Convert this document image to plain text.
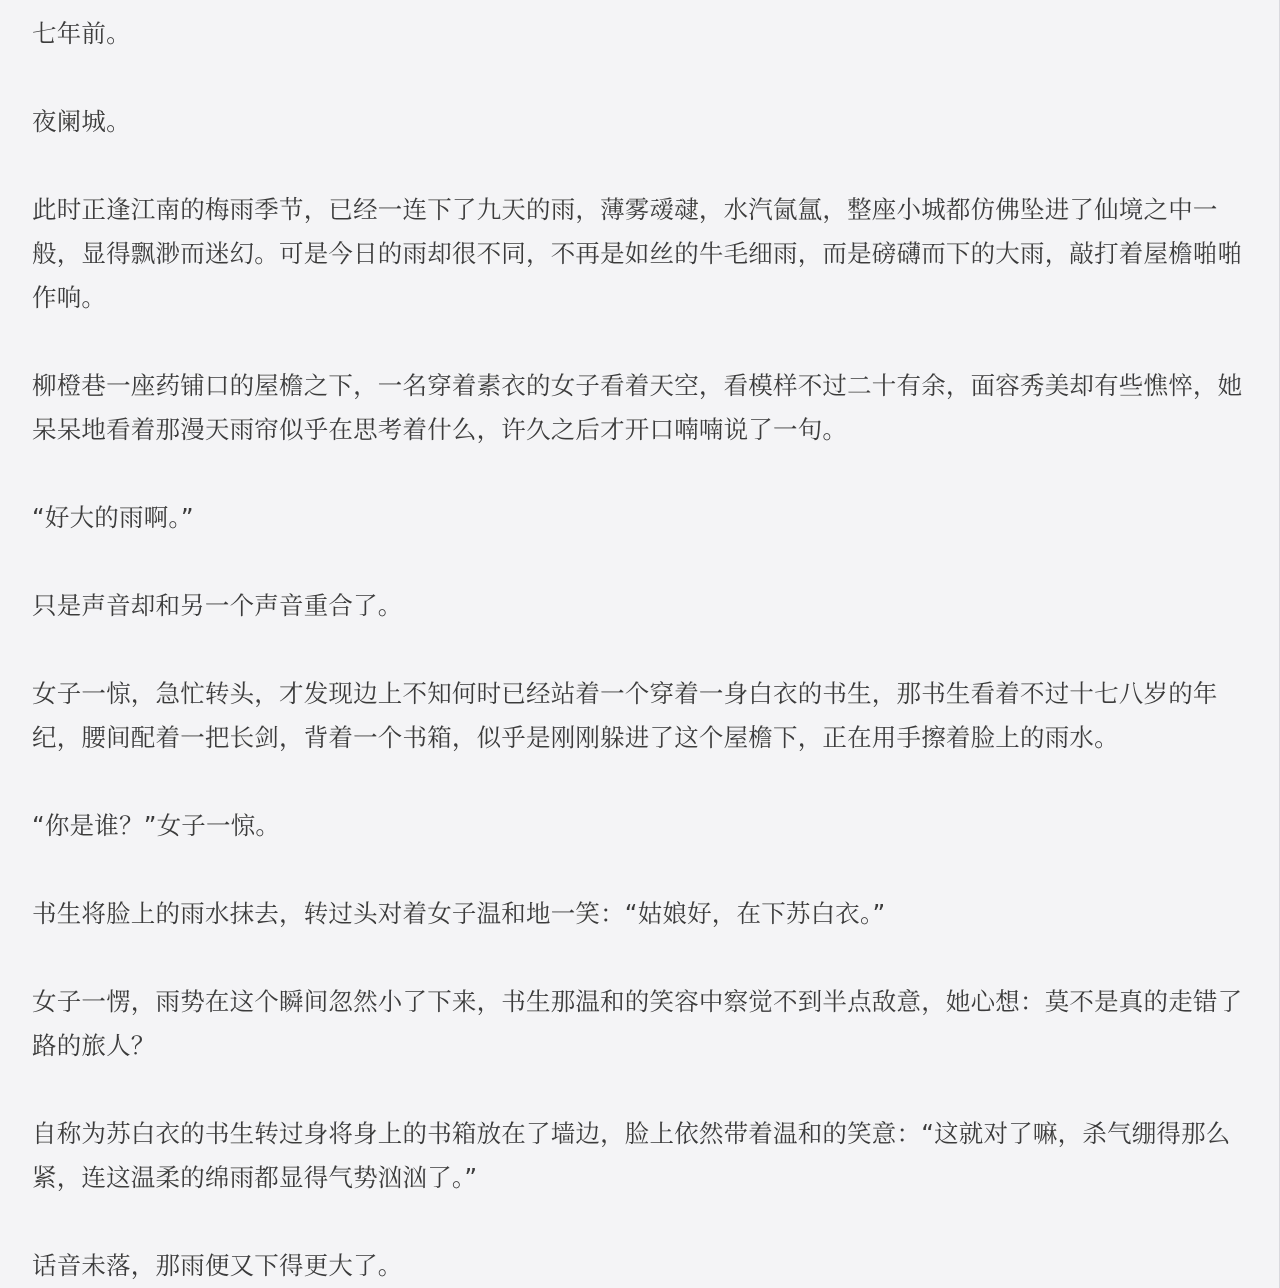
七年前。

夜阑城。

此时正逢江南的梅雨季节，已经一连下了九天的雨，薄雾叆叇，水汽氤氲，整座小城都仿佛坠进了仙境之中一般，显得飘渺而迷幻。可是今日的雨却很不同，不再是如丝的牛毛细雨，而是磅礴而下的大雨，敲打着屋檐啪啪作响。

柳橙巷一座药铺口的屋檐之下，一名穿着素衣的女子看着天空，看模样不过二十有余，面容秀美却有些憔悴，她呆呆地看着那漫天雨帘似乎在思考着什么，许久之后才开口喃喃说了一句。

“好大的雨啊。”

只是声音却和另一个声音重合了。

女子一惊，急忙转头，才发现边上不知何时已经站着一个穿着一身白衣的书生，那书生看着不过十七八岁的年纪，腰间配着一把长剑，背着一个书箱，似乎是刚刚躲进了这个屋檐下，正在用手擦着脸上的雨水。

“你是谁？”女子一惊。

书生将脸上的雨水抹去，转过头对着女子温和地一笑：“姑娘好，在下苏白衣。”

女子一愣，雨势在这个瞬间忽然小了下来，书生那温和的笑容中察觉不到半点敌意，她心想：莫不是真的走错了路的旅人？

自称为苏白衣的书生转过身将身上的书箱放在了墙边，脸上依然带着温和的笑意：“这就对了嘛，杀气绷得那么紧，连这温柔的绵雨都显得气势汹汹了。”

话音未落，那雨便又下得更大了。
